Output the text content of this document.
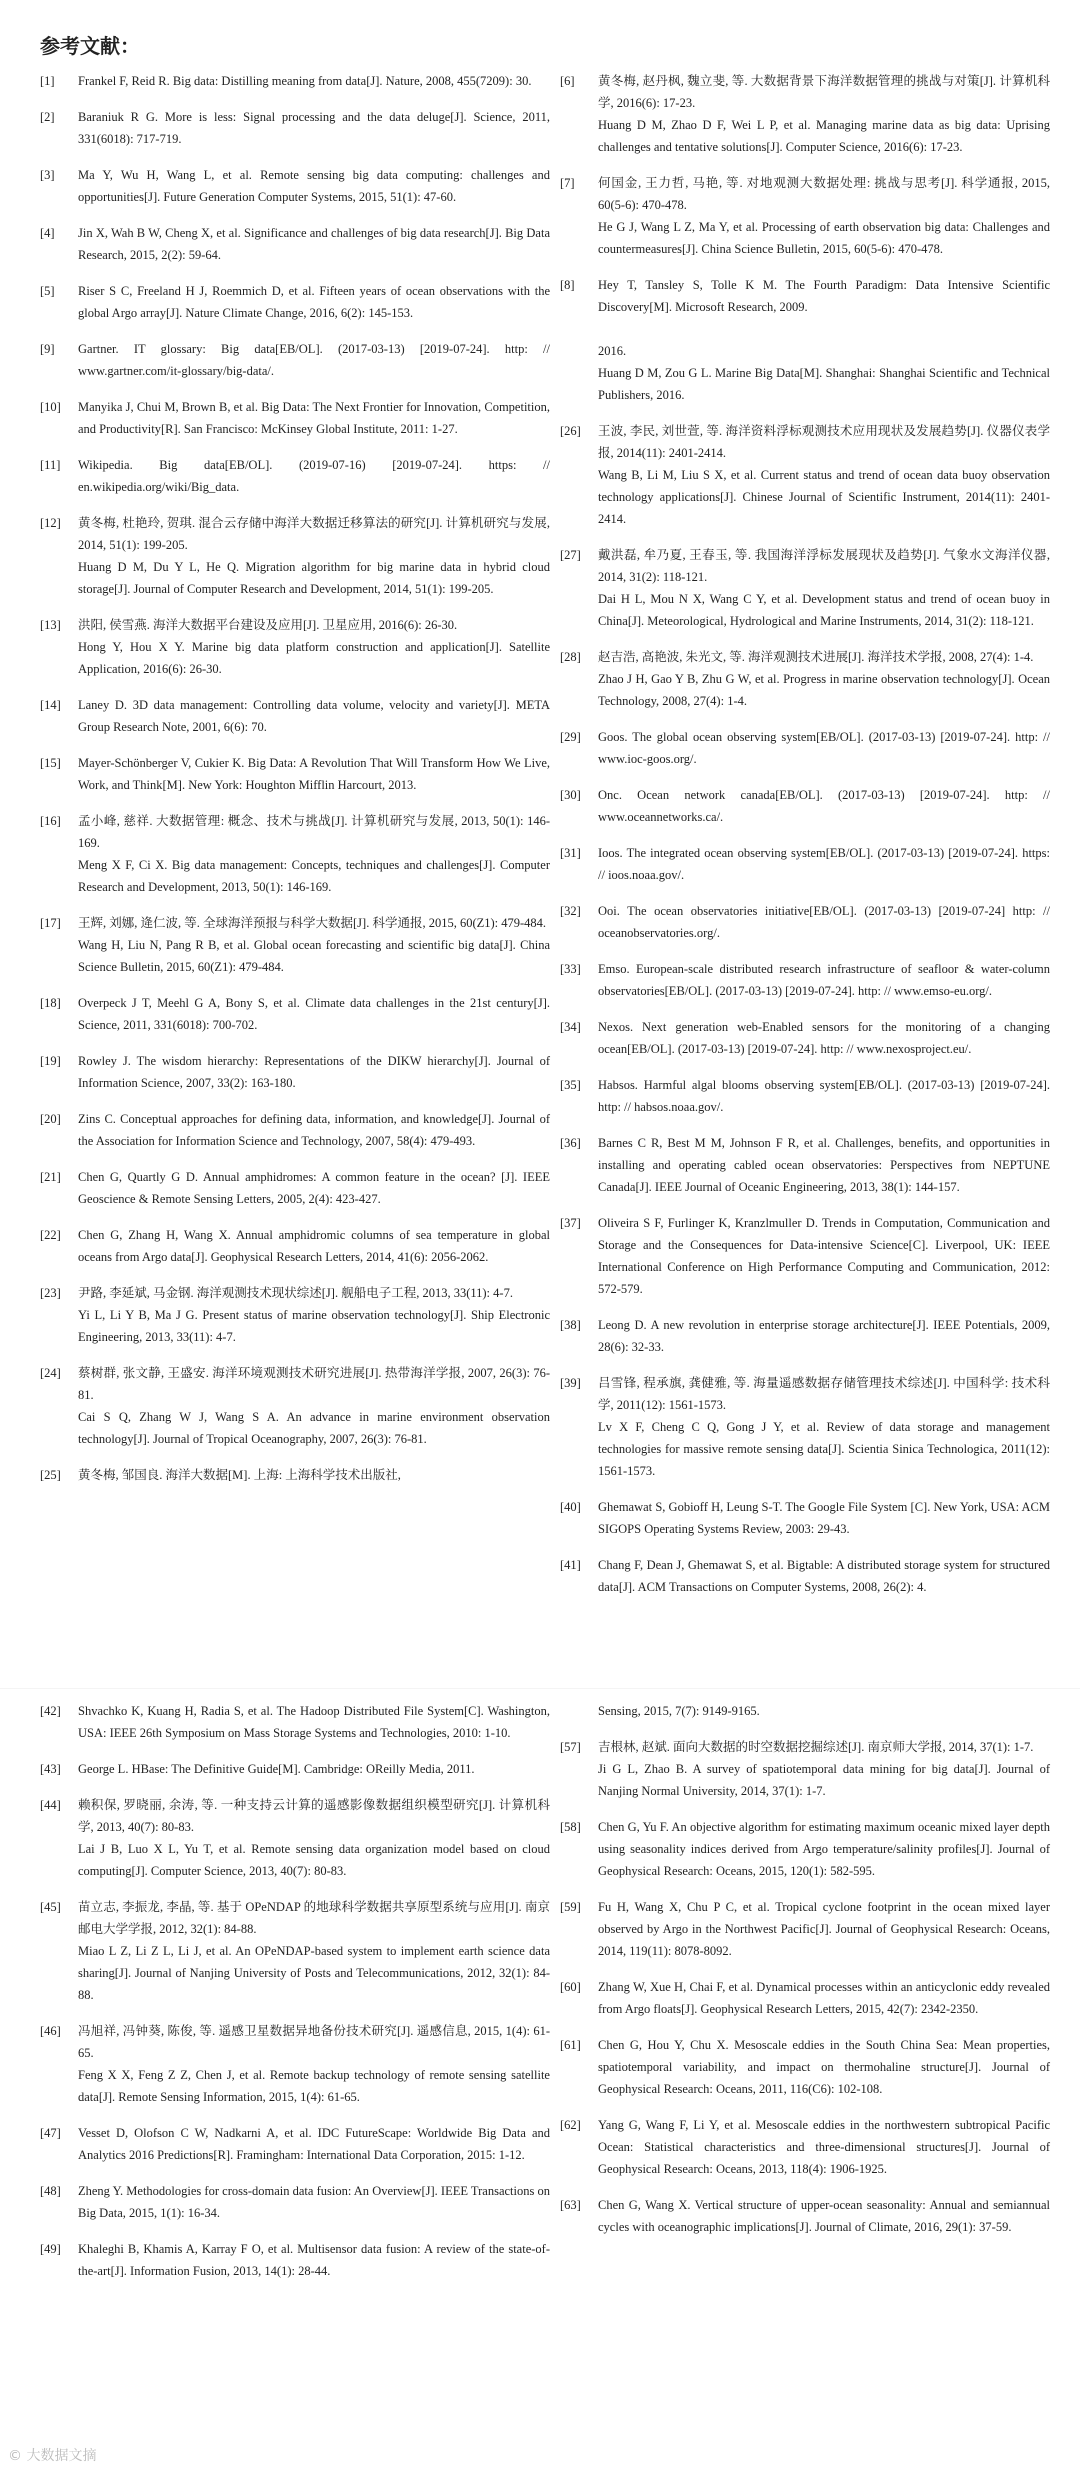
参考文献：
[1]	Frankel F, Reid R. Big data: Distilling meaning from data[J]. Nature, 2008, 455(7209): 30.
[2]	Baraniuk R G. More is less: Signal processing and the data deluge[J]. Science, 2011, 331(6018): 717-719.
[3]	Ma Y, Wu H, Wang L, et al. Remote sensing big data computing: challenges and opportunities[J]. Future Generation Computer Systems, 2015, 51(1): 47-60.
[4]	Jin X, Wah B W, Cheng X, et al. Significance and challenges of big data research[J]. Big Data Research, 2015, 2(2): 59-64.
[5]	Riser S C, Freeland H J, Roemmich D, et al. Fifteen years of ocean observations with the global Argo array[J]. Nature Climate Change, 2016, 6(2): 145-153.
[9]	Gartner. IT glossary: Big data[EB/OL]. (2017-03-13) [2019-07-24]. http: // www.gartner.com/it-glossary/big-data/.
[10]	Manyika J, Chui M, Brown B, et al. Big Data: The Next Frontier for Innovation, Competition, and Productivity[R]. San Francisco: McKinsey Global Institute, 2011: 1-27.
[11]	Wikipedia. Big data[EB/OL]. (2019-07-16) [2019-07-24]. https: // en.wikipedia.org/wiki/Big_data.
[12]	黄冬梅, 杜艳玲, 贺琪. 混合云存储中海洋大数据迁移算法的研究[J]. 计算机研究与发展, 2014, 51(1): 199-205.
Huang D M, Du Y L, He Q. Migration algorithm for big marine data in hybrid cloud storage[J]. Journal of Computer Research and Development, 2014, 51(1): 199-205.
[13]	洪阳, 侯雪燕. 海洋大数据平台建设及应用[J]. 卫星应用, 2016(6): 26-30.
Hong Y, Hou X Y. Marine big data platform construction and application[J]. Satellite Application, 2016(6): 26-30.
[14]	Laney D. 3D data management: Controlling data volume, velocity and variety[J]. META Group Research Note, 2001, 6(6): 70.
[15]	Mayer-Schönberger V, Cukier K. Big Data: A Revolution That Will Transform How We Live, Work, and Think[M]. New York: Houghton Mifflin Harcourt, 2013.
[16]	孟小峰, 慈祥. 大数据管理: 概念、技术与挑战[J]. 计算机研究与发展, 2013, 50(1): 146-169.
Meng X F, Ci X. Big data management: Concepts, techniques and challenges[J]. Computer Research and Development, 2013, 50(1): 146-169.
[17]	王辉, 刘娜, 逄仁波, 等. 全球海洋预报与科学大数据[J]. 科学通报, 2015, 60(Z1): 479-484.
Wang H, Liu N, Pang R B, et al. Global ocean forecasting and scientific big data[J]. China Science Bulletin, 2015, 60(Z1): 479-484.
[18]	Overpeck J T, Meehl G A, Bony S, et al. Climate data challenges in the 21st century[J]. Science, 2011, 331(6018): 700-702.
[19]	Rowley J. The wisdom hierarchy: Representations of the DIKW hierarchy[J]. Journal of Information Science, 2007, 33(2): 163-180.
[20]	Zins C. Conceptual approaches for defining data, information, and knowledge[J]. Journal of the Association for Information Science and Technology, 2007, 58(4): 479-493.
[21]	Chen G, Quartly G D. Annual amphidromes: A common feature in the ocean? [J]. IEEE Geoscience & Remote Sensing Letters, 2005, 2(4): 423-427.
[22]	Chen G, Zhang H, Wang X. Annual amphidromic columns of sea temperature in global oceans from Argo data[J]. Geophysical Research Letters, 2014, 41(6): 2056-2062.
[23]	尹路, 李延斌, 马金钢. 海洋观测技术现状综述[J]. 舰船电子工程, 2013, 33(11): 4-7.
Yi L, Li Y B, Ma J G. Present status of marine observation technology[J]. Ship Electronic Engineering, 2013, 33(11): 4-7.
[24]	蔡树群, 张文静, 王盛安. 海洋环境观测技术研究进展[J]. 热带海洋学报, 2007, 26(3): 76-81.
Cai S Q, Zhang W J, Wang S A. An advance in marine environment observation technology[J]. Journal of Tropical Oceanography, 2007, 26(3): 76-81.
[25]	黄冬梅, 邹国良. 海洋大数据[M]. 上海: 上海科学技术出版社,
[6]	黄冬梅, 赵丹枫, 魏立斐, 等. 大数据背景下海洋数据管理的挑战与对策[J]. 计算机科学, 2016(6): 17-23.
Huang D M, Zhao D F, Wei L P, et al. Managing marine data as big data: Uprising challenges and tentative solutions[J]. Computer Science, 2016(6): 17-23.
[7]	何国金, 王力哲, 马艳, 等. 对地观测大数据处理: 挑战与思考[J]. 科学通报, 2015, 60(5-6): 470-478.
He G J, Wang L Z, Ma Y, et al. Processing of earth observation big data: Challenges and countermeasures[J]. China Science Bulletin, 2015, 60(5-6): 470-478.
[8]	Hey T, Tansley S, Tolle K M. The Fourth Paradigm: Data Intensive Scientific Discovery[M]. Microsoft Research, 2009.

2016.
Huang D M, Zou G L. Marine Big Data[M]. Shanghai: Shanghai Scientific and Technical Publishers, 2016.
[26]	王波, 李民, 刘世萱, 等. 海洋资料浮标观测技术应用现状及发展趋势[J]. 仪器仪表学报, 2014(11): 2401-2414.
Wang B, Li M, Liu S X, et al. Current status and trend of ocean data buoy observation technology applications[J]. Chinese Journal of Scientific Instrument, 2014(11): 2401-2414.
[27]	戴洪磊, 牟乃夏, 王春玉, 等. 我国海洋浮标发展现状及趋势[J]. 气象水文海洋仪器, 2014, 31(2): 118-121.
Dai H L, Mou N X, Wang C Y, et al. Development status and trend of ocean buoy in China[J]. Meteorological, Hydrological and Marine Instruments, 2014, 31(2): 118-121.
[28]	赵吉浩, 高艳波, 朱光文, 等. 海洋观测技术进展[J]. 海洋技术学报, 2008, 27(4): 1-4.
Zhao J H, Gao Y B, Zhu G W, et al. Progress in marine observation technology[J]. Ocean Technology, 2008, 27(4): 1-4.
[29]	Goos. The global ocean observing system[EB/OL]. (2017-03-13) [2019-07-24]. http: // www.ioc-goos.org/.
[30]	Onc. Ocean network canada[EB/OL]. (2017-03-13) [2019-07-24]. http: // www.oceannetworks.ca/.
[31]	Ioos. The integrated ocean observing system[EB/OL]. (2017-03-13) [2019-07-24]. https: // ioos.noaa.gov/.
[32]	Ooi. The ocean observatories initiative[EB/OL]. (2017-03-13) [2019-07-24] http: // oceanobservatories.org/.
[33]	Emso. European-scale distributed research infrastructure of seafloor & water-column observatories[EB/OL]. (2017-03-13) [2019-07-24]. http: // www.emso-eu.org/.
[34]	Nexos. Next generation web-Enabled sensors for the monitoring of a changing ocean[EB/OL]. (2017-03-13) [2019-07-24]. http: // www.nexosproject.eu/.
[35]	Habsos. Harmful algal blooms observing system[EB/OL]. (2017-03-13) [2019-07-24]. http: // habsos.noaa.gov/.
[36]	Barnes C R, Best M M, Johnson F R, et al. Challenges, benefits, and opportunities in installing and operating cabled ocean observatories: Perspectives from NEPTUNE Canada[J]. IEEE Journal of Oceanic Engineering, 2013, 38(1): 144-157.
[37]	Oliveira S F, Furlinger K, Kranzlmuller D. Trends in Computation, Communication and Storage and the Consequences for Data-intensive Science[C]. Liverpool, UK: IEEE International Conference on High Performance Computing and Communication, 2012: 572-579.
[38]	Leong D. A new revolution in enterprise storage architecture[J]. IEEE Potentials, 2009, 28(6): 32-33.
[39]	吕雪锋, 程承旗, 龚健雅, 等. 海量遥感数据存储管理技术综述[J]. 中国科学: 技术科学, 2011(12): 1561-1573.
Lv X F, Cheng C Q, Gong J Y, et al. Review of data storage and management technologies for massive remote sensing data[J]. Scientia Sinica Technologica, 2011(12): 1561-1573.
[40]	Ghemawat S, Gobioff H, Leung S-T. The Google File System [C]. New York, USA: ACM SIGOPS Operating Systems Review, 2003: 29-43.
[41]	Chang F, Dean J, Ghemawat S, et al. Bigtable: A distributed storage system for structured data[J]. ACM Transactions on Computer Systems, 2008, 26(2): 4.
[42]	Shvachko K, Kuang H, Radia S, et al. The Hadoop Distributed File System[C]. Washington, USA: IEEE 26th Symposium on Mass Storage Systems and Technologies, 2010: 1-10.
[43]	George L. HBase: The Definitive Guide[M]. Cambridge: OReilly Media, 2011.
[44]	赖积保, 罗晓丽, 余涛, 等. 一种支持云计算的遥感影像数据组织模型研究[J]. 计算机科学, 2013, 40(7): 80-83.
Lai J B, Luo X L, Yu T, et al. Remote sensing data organization model based on cloud computing[J]. Computer Science, 2013, 40(7): 80-83.
[45]	苗立志, 李振龙, 李晶, 等. 基于 OPeNDAP 的地球科学数据共享原型系统与应用[J]. 南京邮电大学学报, 2012, 32(1): 84-88.
Miao L Z, Li Z L, Li J, et al. An OPeNDAP-based system to implement earth science data sharing[J]. Journal of Nanjing University of Posts and Telecommunications, 2012, 32(1): 84-88.
[46]	冯旭祥, 冯钟葵, 陈俊, 等. 遥感卫星数据异地备份技术研究[J]. 遥感信息, 2015, 1(4): 61-65.
Feng X X, Feng Z Z, Chen J, et al. Remote backup technology of remote sensing satellite data[J]. Remote Sensing Information, 2015, 1(4): 61-65.
[47]	Vesset D, Olofson C W, Nadkarni A, et al. IDC FutureScape: Worldwide Big Data and Analytics 2016 Predictions[R]. Framingham: International Data Corporation, 2015: 1-12.
[48]	Zheng Y. Methodologies for cross-domain data fusion: An Overview[J]. IEEE Transactions on Big Data, 2015, 1(1): 16-34.
[49]	Khaleghi B, Khamis A, Karray F O, et al. Multisensor data fusion: A review of the state-of-the-art[J]. Information Fusion, 2013, 14(1): 28-44.
Sensing, 2015, 7(7): 9149-9165.
[57]	吉根林, 赵斌. 面向大数据的时空数据挖掘综述[J]. 南京师大学报, 2014, 37(1): 1-7.
Ji G L, Zhao B. A survey of spatiotemporal data mining for big data[J]. Journal of Nanjing Normal University, 2014, 37(1): 1-7.
[58]	Chen G, Yu F. An objective algorithm for estimating maximum oceanic mixed layer depth using seasonality indices derived from Argo temperature/salinity profiles[J]. Journal of Geophysical Research: Oceans, 2015, 120(1): 582-595.
[59]	Fu H, Wang X, Chu P C, et al. Tropical cyclone footprint in the ocean mixed layer observed by Argo in the Northwest Pacific[J]. Journal of Geophysical Research: Oceans, 2014, 119(11): 8078-8092.
[60]	Zhang W, Xue H, Chai F, et al. Dynamical processes within an anticyclonic eddy revealed from Argo floats[J]. Geophysical Research Letters, 2015, 42(7): 2342-2350.
[61]	Chen G, Hou Y, Chu X. Mesoscale eddies in the South China Sea: Mean properties, spatiotemporal variability, and impact on thermohaline structure[J]. Journal of Geophysical Research: Oceans, 2011, 116(C6): 102-108.
[62]	Yang G, Wang F, Li Y, et al. Mesoscale eddies in the northwestern subtropical Pacific Ocean: Statistical characteristics and three-dimensional structures[J]. Journal of Geophysical Research: Oceans, 2013, 118(4): 1906-1925.
[63]	Chen G, Wang X. Vertical structure of upper-ocean seasonality: Annual and semiannual cycles with oceanographic implications[J]. Journal of Climate, 2016, 29(1): 37-59.
© 大数据文摘
